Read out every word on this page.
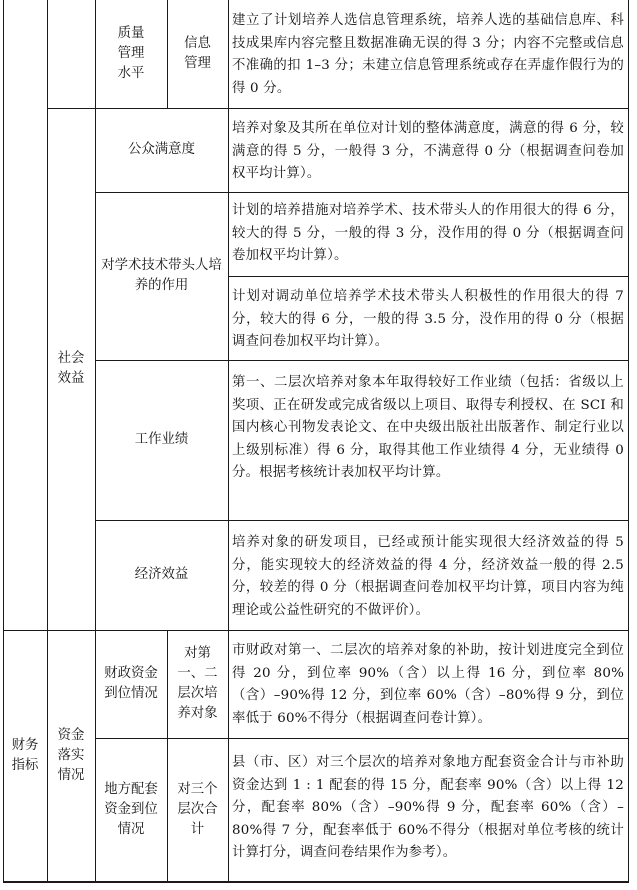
质量管理水平
信息管理
建立了计划培养人选信息管理系统，培养人选的基础信息库、科技成果库内容完整且数据准确无误的得 3 分；内容不完整或信息不准确的扣 1–3 分；未建立信息管理系统或存在弄虚作假行为的得 0 分。
社会效益
公众满意度
培养对象及其所在单位对计划的整体满意度，满意的得 6 分，较满意的得 5 分，一般得 3 分，不满意得 0 分（根据调查问卷加权平均计算）。
对学术技术带头人培养的作用
计划的培养措施对培养学术、技术带头人的作用很大的得 6 分，较大的得 5 分，一般的得 3 分，没作用的得 0 分（根据调查问卷加权平均计算）。
计划对调动单位培养学术技术带头人积极性的作用很大的得 7 分，较大的得 6 分，一般的得 3.5 分，没作用的得 0 分（根据调查问卷加权平均计算）。
工作业绩
第一、二层次培养对象本年取得较好工作业绩（包括：省级以上奖项、正在研发或完成省级以上项目、取得专利授权、在 SCI 和国内核心刊物发表论文、在中央级出版社出版著作、制定行业以上级别标准）得 6 分，取得其他工作业绩得 4 分，无业绩得 0 分。根据考核统计表加权平均计算。
经济效益
培养对象的研发项目，已经或预计能实现很大经济效益的得 5 分，能实现较大的经济效益的得 4 分，经济效益一般的得 2.5 分，较差的得 0 分（根据调查问卷加权平均计算，项目内容为纯理论或公益性研究的不做评价）。
财务指标
资金落实情况
财政资金到位情况
对第一、二层次培养对象
市财政对第一、二层次的培养对象的补助，按计划进度完全到位得 20 分，到位率 90%（含）以上得 16 分，到位率 80%（含）–90%得 12 分，到位率 60%（含）–80%得 9 分，到位率低于 60%不得分（根据调查问卷计算）。
地方配套资金到位情况
对三个层次合计
县（市、区）对三个层次的培养对象地方配套资金合计与市补助资金达到 1 : 1 配套的得 15 分，配套率 90%（含）以上得 12 分，配套率 80%（含）–90%得 9 分，配套率 60%（含）–80%得 7 分，配套率低于 60%不得分（根据对单位考核的统计计算打分，调查问卷结果作为参考）。
